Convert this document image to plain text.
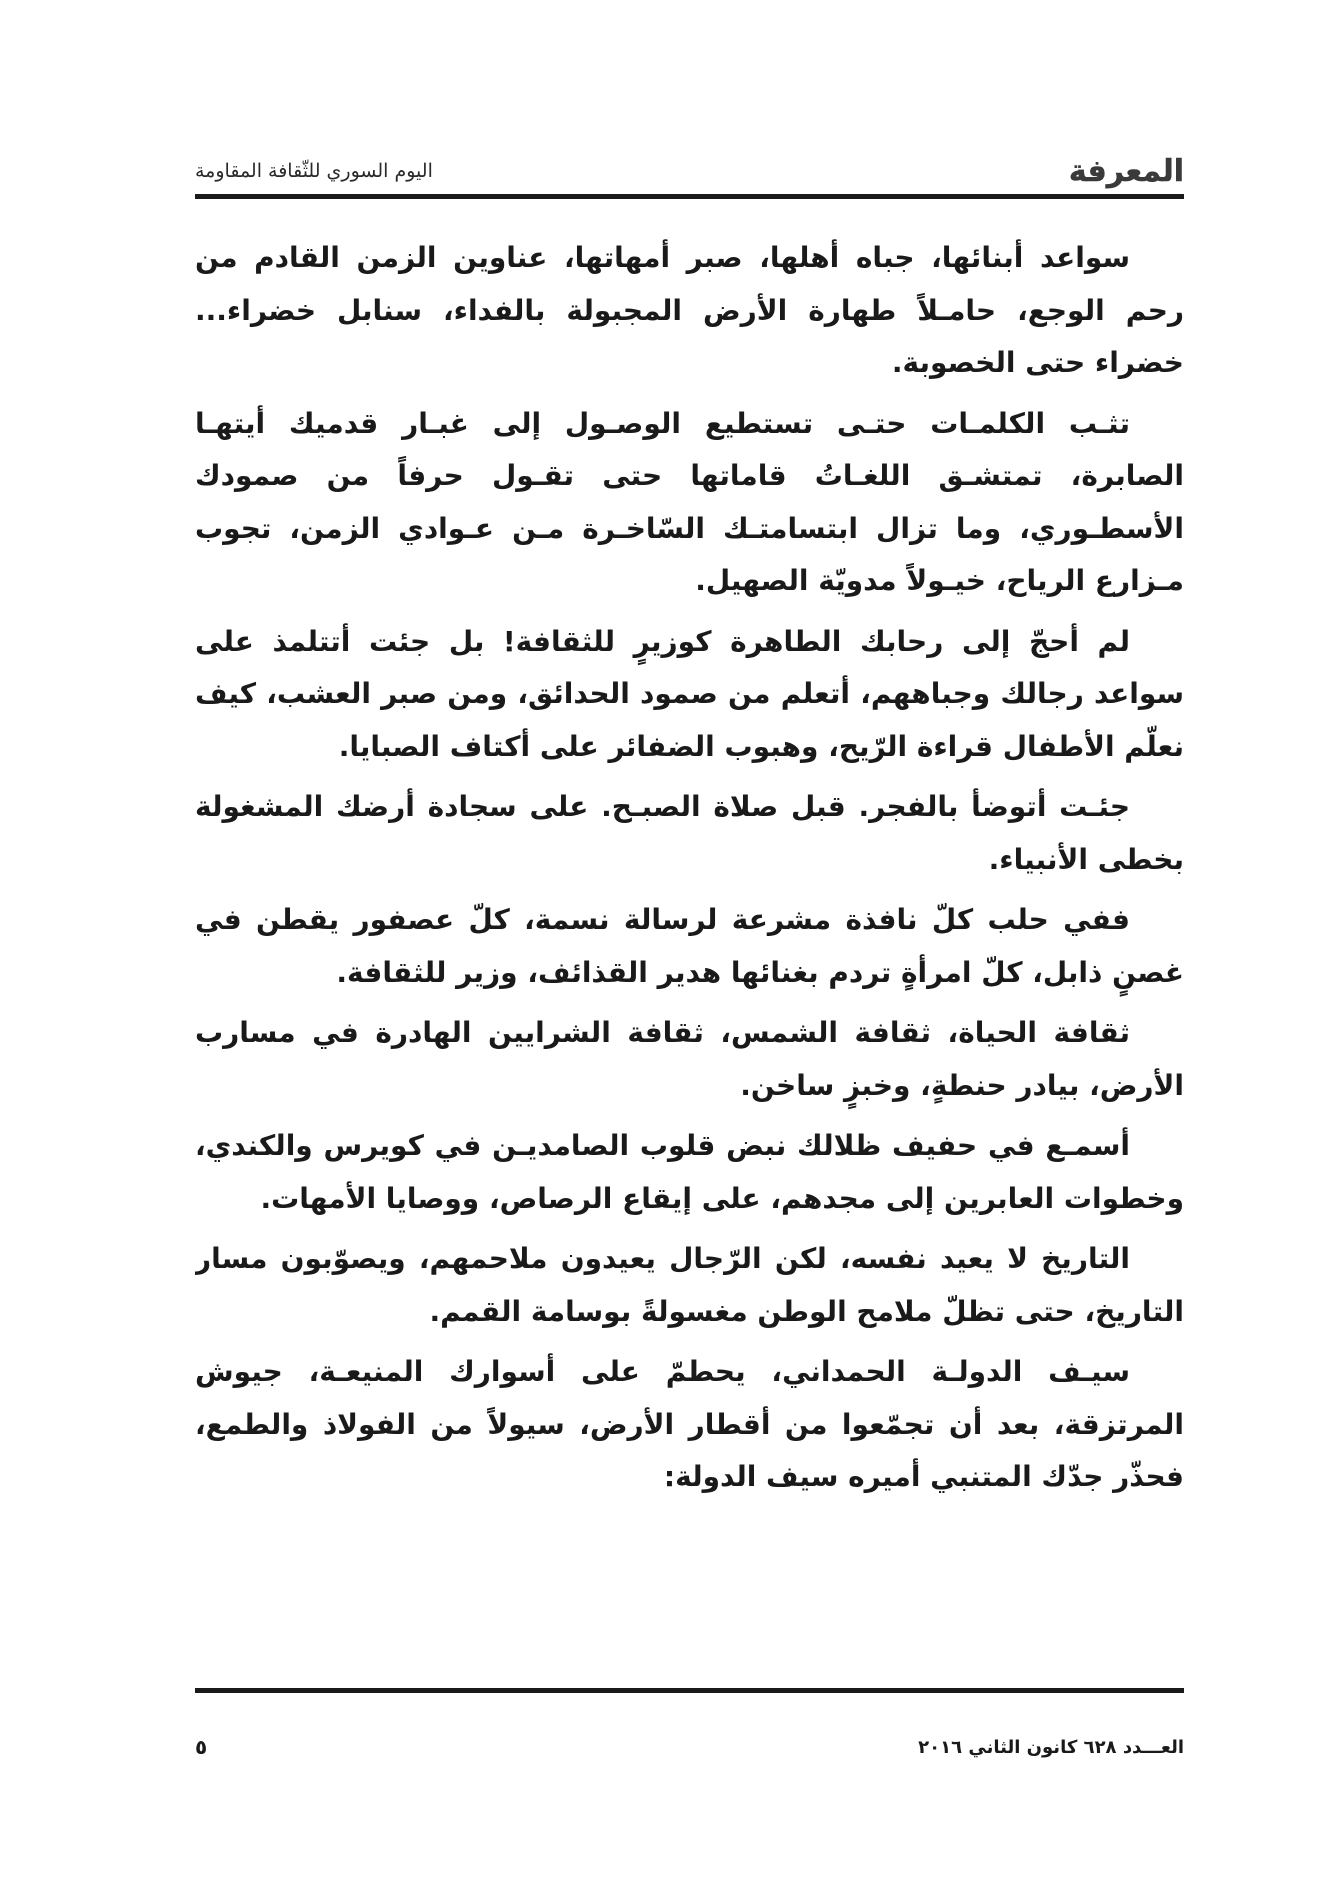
المعرفة
اليوم السوري للثّقافة المقاومة

سواعد أبنائها، جباه أهلها، صبر أمهاتها، عناوين الزمن القادم من رحم الوجع، حامـلاً طهارة الأرض المجبولة بالفداء، سنابل خضراء... خضراء حتى الخصوبة.

تثـب الكلمـات حتـى تستطيع الوصـول إلى غبـار قدميك أيتهـا الصابرة، تمتشـق اللغـاتُ قاماتها حتى تقـول حرفاً من صمودك الأسطـوري، وما تزال ابتسامتـك السّاخـرة مـن عـوادي الزمن، تجوب مـزارع الرياح، خيـولاً مدويّة الصهيل.

لم أحجّ إلى رحابك الطاهرة كوزيرٍ للثقافة! بل جئت أتتلمذ على سواعد رجالك وجباههم، أتعلم من صمود الحدائق، ومن صبر العشب، كيف نعلّم الأطفال قراءة الرّيح، وهبوب الضفائر على أكتاف الصبايا.

جئـت أتوضأ بالفجر. قبل صلاة الصبـح. على سجادة أرضك المشغولة بخطى الأنبياء.

ففي حلب كلّ نافذة مشرعة لرسالة نسمة، كلّ عصفور يقطن في غصنٍ ذابل، كلّ امرأةٍ تردم بغنائها هدير القذائف، وزير للثقافة.

ثقافة الحياة، ثقافة الشمس، ثقافة الشرايين الهادرة في مسارب الأرض، بيادر حنطةٍ، وخبزٍ ساخن.

أسمـع في حفيف ظلالك نبض قلوب الصامديـن في كويرس والكندي، وخطوات العابرين إلى مجدهم، على إيقاع الرصاص، ووصايا الأمهات.

التاريخ لا يعيد نفسه، لكن الرّجال يعيدون ملاحمهم، ويصوّبون مسار التاريخ، حتى تظلّ ملامح الوطن مغسولةً بوسامة القمم.

سيـف الدولـة الحمداني، يحطمّ على أسوارك المنيعـة، جيوش المرتزقة، بعد أن تجمّعوا من أقطار الأرض، سيولاً من الفولاذ والطمع، فحذّر جدّك المتنبي أميره سيف الدولة:

العـــدد ٦٢٨ كانون الثاني ٢٠١٦
٥
